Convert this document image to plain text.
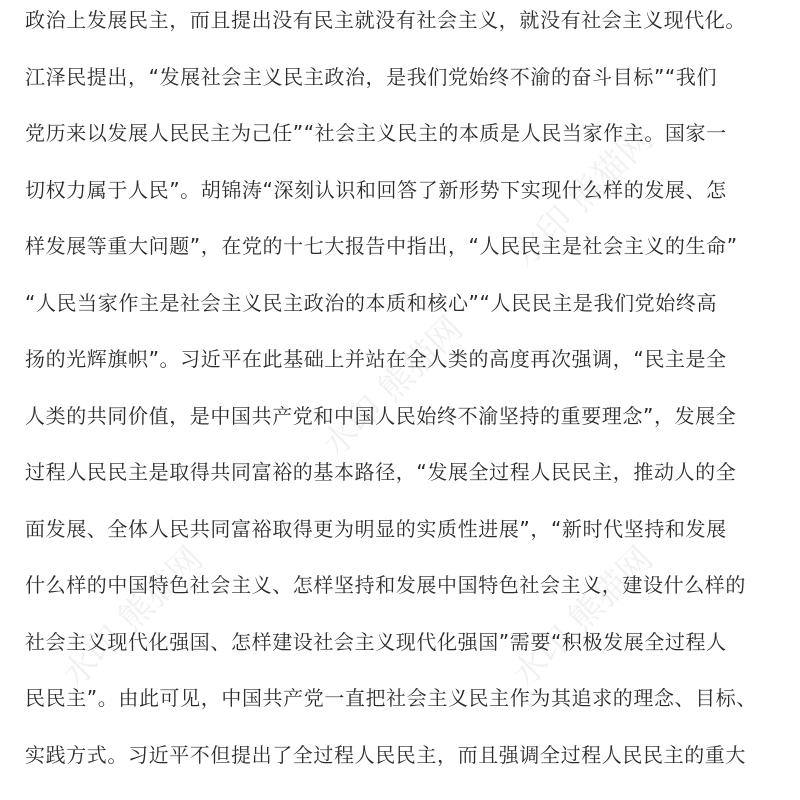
水印 熊猫网
水印 熊猫网
水印 熊猫网	水印 熊猫网
政治上发展民主，而且提出没有民主就没有社会主义，就没有社会主义现代化。
江泽民提出，“发展社会主义民主政治，是我们党始终不渝的奋斗目标”“我们
党历来以发展人民民主为己任”“社会主义民主的本质是人民当家作主。国家一
切权力属于人民”。胡锦涛“深刻认识和回答了新形势下实现什么样的发展、怎
样发展等重大问题”，在党的十七大报告中指出，“人民民主是社会主义的生命”
“人民当家作主是社会主义民主政治的本质和核心”“人民民主是我们党始终高
扬的光辉旗帜”。习近平在此基础上并站在全人类的高度再次强调，“民主是全
人类的共同价值，是中国共产党和中国人民始终不渝坚持的重要理念”，发展全
过程人民民主是取得共同富裕的基本路径，“发展全过程人民民主，推动人的全
面发展、全体人民共同富裕取得更为明显的实质性进展”，“新时代坚持和发展
什么样的中国特色社会主义、怎样坚持和发展中国特色社会主义，建设什么样的
社会主义现代化强国、怎样建设社会主义现代化强国”需要“积极发展全过程人
民民主”。由此可见，中国共产党一直把社会主义民主作为其追求的理念、目标、
实践方式。习近平不但提出了全过程人民民主，而且强调全过程人民民主的重大
